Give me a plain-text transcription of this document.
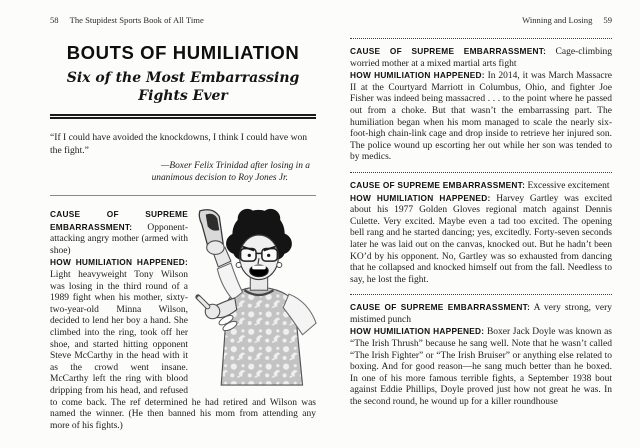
58 The Stupidest Sports Book of All Time
BOUTS OF HUMILIATION
Six of the Most Embarrassing
Fights Ever
“If I could have avoided the knockdowns, I think I could have won the fight.”
—Boxer Felix Trinidad after losing in a
unanimous decision to Roy Jones Jr.

CAUSE OF SUPREME EMBARRASSMENT: Opponent-attacking angry mother (armed with shoe)

HOW HUMILIATION HAPPENED: Light heavyweight Tony Wilson was losing in the third round of a 1989 fight when his mother, sixty-two-year-old Minna Wilson, decided to lend her boy a hand. She climbed into the ring, took off her shoe, and started hitting opponent Steve McCarthy in the head with it as the crowd went insane. McCarthy left the ring with blood dripping from his head, and refused to come back. The ref determined he had retired and Wilson was named the winner. (He then banned his mom from attending any more of his fights.)

Winning and Losing 59

CAUSE OF SUPREME EMBARRASSMENT: Cage-climbing worried mother at a mixed martial arts fight

HOW HUMILIATION HAPPENED: In 2014, it was March Massacre II at the Courtyard Marriott in Columbus, Ohio, and fighter Joe Fisher was indeed being massacred . . . to the point where he passed out from a choke. But that wasn’t the embarrassing part. The humiliation began when his mom managed to scale the nearly six-foot-high chain-link cage and drop inside to retrieve her injured son. The police wound up escorting her out while her son was tended to by medics.

CAUSE OF SUPREME EMBARRASSMENT: Excessive excitement

HOW HUMILIATION HAPPENED: Harvey Gartley was excited about his 1977 Golden Gloves regional match against Dennis Culette. Very excited. Maybe even a tad too excited. The opening bell rang and he started dancing; yes, excitedly. Forty-seven seconds later he was laid out on the canvas, knocked out. But he hadn’t been KO’d by his opponent. No, Gartley was so exhausted from dancing that he collapsed and knocked himself out from the fall. Needless to say, he lost the fight.

CAUSE OF SUPREME EMBARRASSMENT: A very strong, very mistimed punch

HOW HUMILIATION HAPPENED: Boxer Jack Doyle was known as “The Irish Thrush” because he sang well. Note that he wasn’t called “The Irish Fighter” or “The Irish Bruiser” or anything else related to boxing. And for good reason—he sang much better than he boxed. In one of his more famous terrible fights, a September 1938 bout against Eddie Phillips, Doyle proved just how not great he was. In the second round, he wound up for a killer roundhouse
